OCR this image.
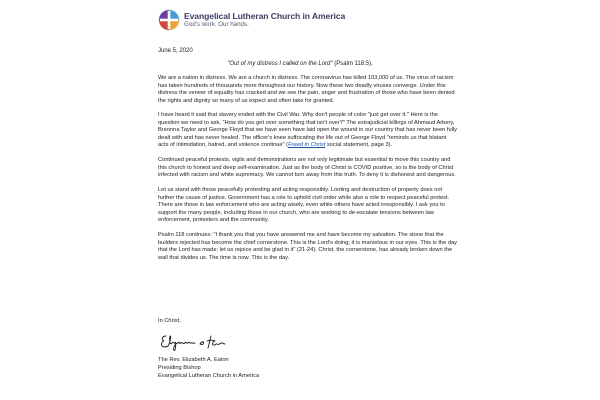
Evangelical Lutheran Church in America
God's work. Our hands.
June 5, 2020
"Out of my distress I called on the Lord" (Psalm 118:5).

We are a nation in distress. We are a church in distress. The coronavirus has killed 103,000 of us. The virus of racism has taken hundreds of thousands more throughout our history. Now these two deadly viruses converge. Under this distress the veneer of equality has cracked and we see the pain, anger and frustration of those who have been denied the rights and dignity so many of us expect and often take for granted.

I have heard it said that slavery ended with the Civil War. Why don't people of color "just get over it." Here is the question we need to ask, "How do you get over something that isn't over?" The extrajudicial killings of Ahmaud Arbery, Breonna Taylor and George Floyd that we have seen have laid open the wound in our country that has never been fully dealt with and has never healed. The officer's knee suffocating the life out of George Floyd "reminds us that blatant acts of intimidation, hatred, and violence continue" (Freed in Christ social statement, page 3).

Continued peaceful protests, vigils and demonstrations are not only legitimate but essential to move this country and this church to honest and deep self-examination. Just as the body of Christ is COVID positive, so is the body of Christ infected with racism and white supremacy. We cannot turn away from this truth. To deny it is dishonest and dangerous.

Let us stand with those peacefully protesting and acting responsibly. Looting and destruction of property does not further the cause of justice. Government has a role to uphold civil order while also a role to respect peaceful protest. There are those in law enforcement who are acting wisely, even while others have acted irresponsibly. I ask you to support the many people, including those in our church, who are working to de-escalate tensions between law enforcement, protesters and the community.

Psalm 118 continues: "I thank you that you have answered me and have become my salvation. The stone that the builders rejected has become the chief cornerstone. This is the Lord's doing; it is marvelous in our eyes. This is the day that the Lord has made; let us rejoice and be glad in it" (21-24). Christ, the cornerstone, has already broken down the wall that divides us. The time is now. This is the day.

In Christ,
The Rev. Elizabeth A. Eaton
Presiding Bishop
Evangelical Lutheran Church in America
